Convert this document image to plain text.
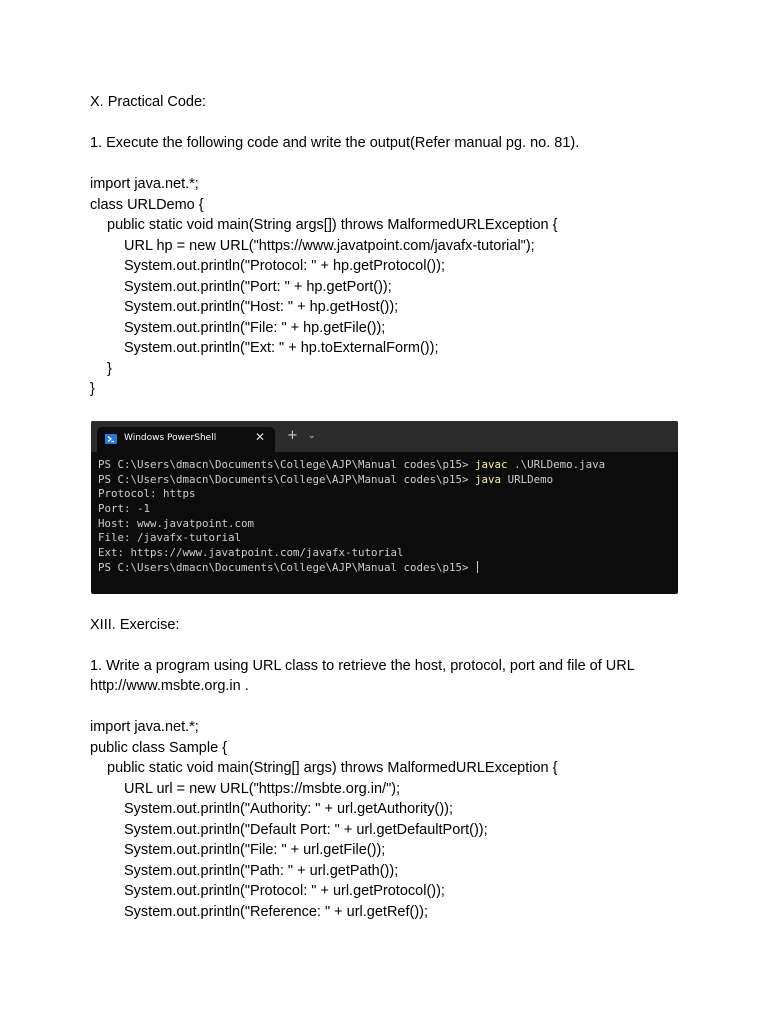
X. Practical Code:
1. Execute the following code and write the output(Refer manual pg. no. 81).
import java.net.*;
class URLDemo {
public static void main(String args[]) throws MalformedURLException {
URL hp = new URL("https://www.javatpoint.com/javafx-tutorial");
System.out.println("Protocol: " + hp.getProtocol());
System.out.println("Port: " + hp.getPort());
System.out.println("Host: " + hp.getHost());
System.out.println("File: " + hp.getFile());
System.out.println("Ext: " + hp.toExternalForm());
}
}
Windows PowerShell	✕ + ⌄
PS C:\Users\dmacn\Documents\College\AJP\Manual codes\p15> javac .\URLDemo.java
PS C:\Users\dmacn\Documents\College\AJP\Manual codes\p15> java URLDemo
Protocol: https
Port: -1
Host: www.javatpoint.com
File: /javafx-tutorial
Ext: https://www.javatpoint.com/javafx-tutorial
PS C:\Users\dmacn\Documents\College\AJP\Manual codes\p15>
XIII. Exercise:
1. Write a program using URL class to retrieve the host, protocol, port and file of URL http://www.msbte.org.in .
import java.net.*;
public class Sample {
public static void main(String[] args) throws MalformedURLException {
URL url = new URL("https://msbte.org.in/");
System.out.println("Authority: " + url.getAuthority());
System.out.println("Default Port: " + url.getDefaultPort());
System.out.println("File: " + url.getFile());
System.out.println("Path: " + url.getPath());
System.out.println("Protocol: " + url.getProtocol());
System.out.println("Reference: " + url.getRef());
